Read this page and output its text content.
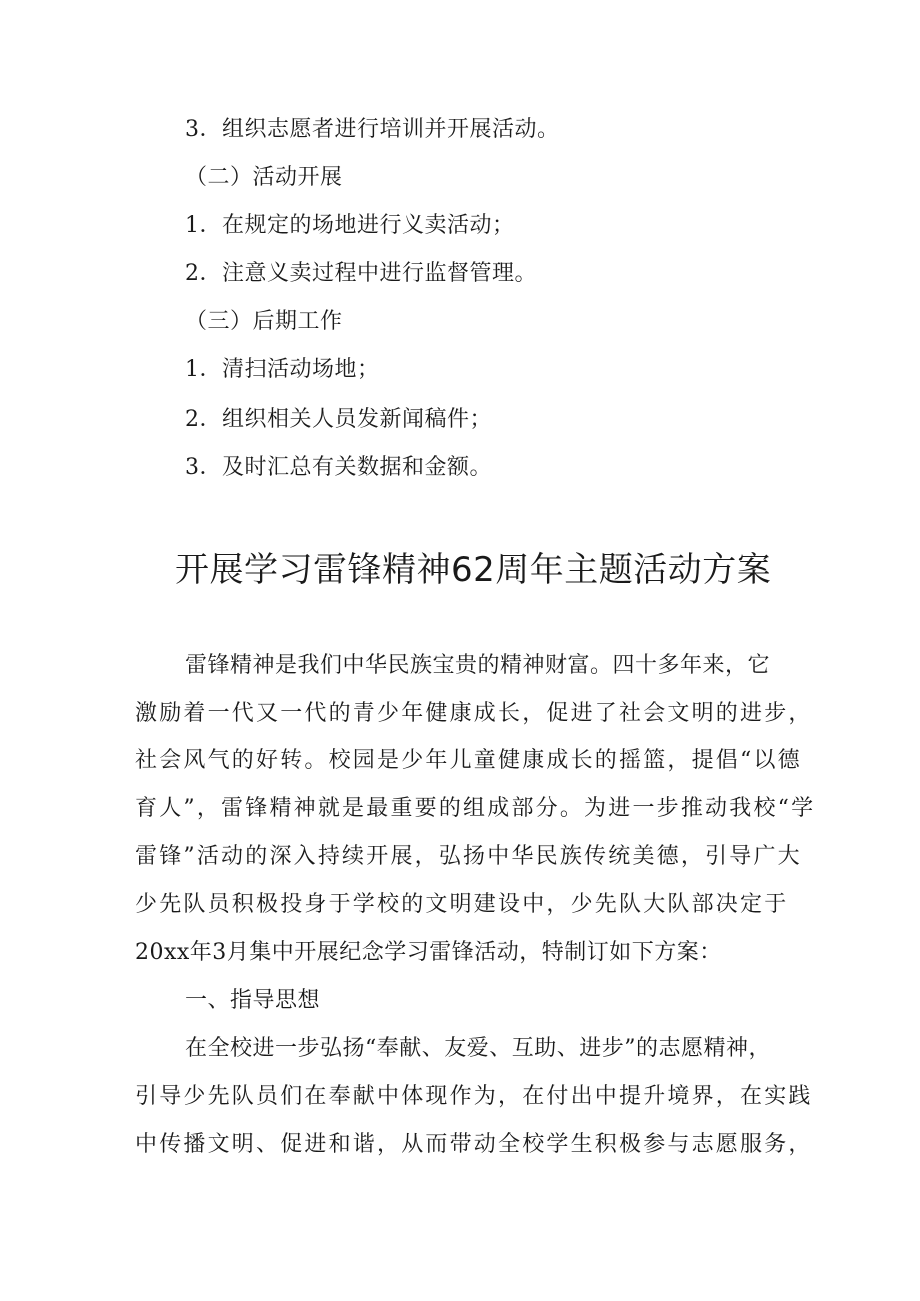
3．组织志愿者进行培训并开展活动。
（二）活动开展
1．在规定的场地进行义卖活动；
2．注意义卖过程中进行监督管理。
（三）后期工作
1．清扫活动场地；
2．组织相关人员发新闻稿件；
3．及时汇总有关数据和金额。
开展学习雷锋精神62周年主题活动方案
雷锋精神是我们中华民族宝贵的精神财富。四十多年来，它
激励着一代又一代的青少年健康成长，促进了社会文明的进步，
社会风气的好转。校园是少年儿童健康成长的摇篮，提倡“以德
育人”，雷锋精神就是最重要的组成部分。为进一步推动我校“学
雷锋”活动的深入持续开展，弘扬中华民族传统美德，引导广大
少先队员积极投身于学校的文明建设中，少先队大队部决定于
20xx年3月集中开展纪念学习雷锋活动，特制订如下方案：
一、指导思想
在全校进一步弘扬“奉献、友爱、互助、进步”的志愿精神，
引导少先队员们在奉献中体现作为，在付出中提升境界，在实践
中传播文明、促进和谐，从而带动全校学生积极参与志愿服务，
